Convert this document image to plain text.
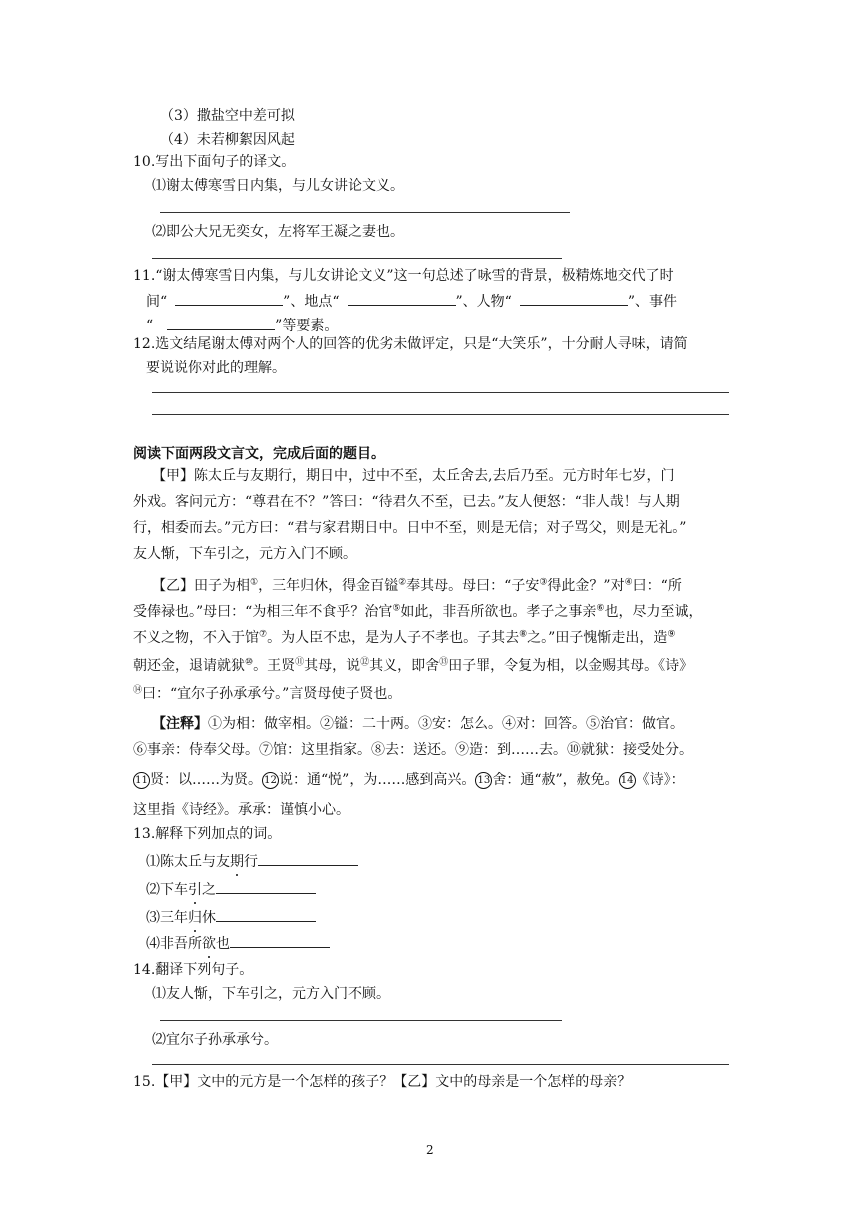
（3）撒盐空中差可拟
（4）未若柳絮因风起
10.写出下面句子的译文。
⑴谢太傅寒雪日内集，与儿女讲论文义。
⑵即公大兄无奕女，左将军王凝之妻也。
11.“谢太傅寒雪日内集，与儿女讲论文义”这一句总述了咏雪的背景，极精炼地交代了时
间“	”、地点“	”、人物“	”、事件
“	”等要素。
12.选文结尾谢太傅对两个人的回答的优劣未做评定，只是“大笑乐”，十分耐人寻味，请简
要说说你对此的理解。
阅读下面两段文言文，完成后面的题目。
【甲】陈太丘与友期行，期日中，过中不至，太丘舍去,去后乃至。元方时年七岁，门
外戏。客问元方：“尊君在不？”答曰：“待君久不至，已去。”友人便怒：“非人哉！与人期
行，相委而去。”元方曰：“君与家君期日中。日中不至，则是无信；对子骂父，则是无礼。”
友人惭，下车引之，元方入门不顾。
【乙】田子为相①，三年归休，得金百镒②奉其母。母曰：“子安③得此金？”对④曰：“所
受俸禄也。”母曰：“为相三年不食乎？治官⑤如此，非吾所欲也。孝子之事亲⑥也，尽力至诚，
不义之物，不入于馆⑦。为人臣不忠，是为人子不孝也。子其去⑧之。”田子愧惭走出，造⑨
朝还金，退请就狱⑩。王贤⑪其母，说⑫其义，即舍⑬田子罪，令复为相，以金赐其母。《诗》
⑭曰：“宜尔子孙承承兮。”言贤母使子贤也。
【注释】①为相：做宰相。②镒：二十两。③安：怎么。④对：回答。⑤治官：做官。
⑥事亲：侍奉父母。⑦馆：这里指家。⑧去：送还。⑨造：到……去。⑩就狱：接受处分。
11 贤：以……为贤。 12 说：通“悦”，为……感到高兴。 13 舍：通“赦”，赦免。 14 《诗》：
这里指《诗经》。承承：谨慎小心。
13.解释下列加点的词。
⑴陈太丘与友期行
⑵下车引之
⑶三年归休
⑷非吾所欲也
14.翻译下列句子。
⑴友人惭，下车引之，元方入门不顾。
⑵宜尔子孙承承兮。
15.【甲】文中的元方是一个怎样的孩子？【乙】文中的母亲是一个怎样的母亲？
2
